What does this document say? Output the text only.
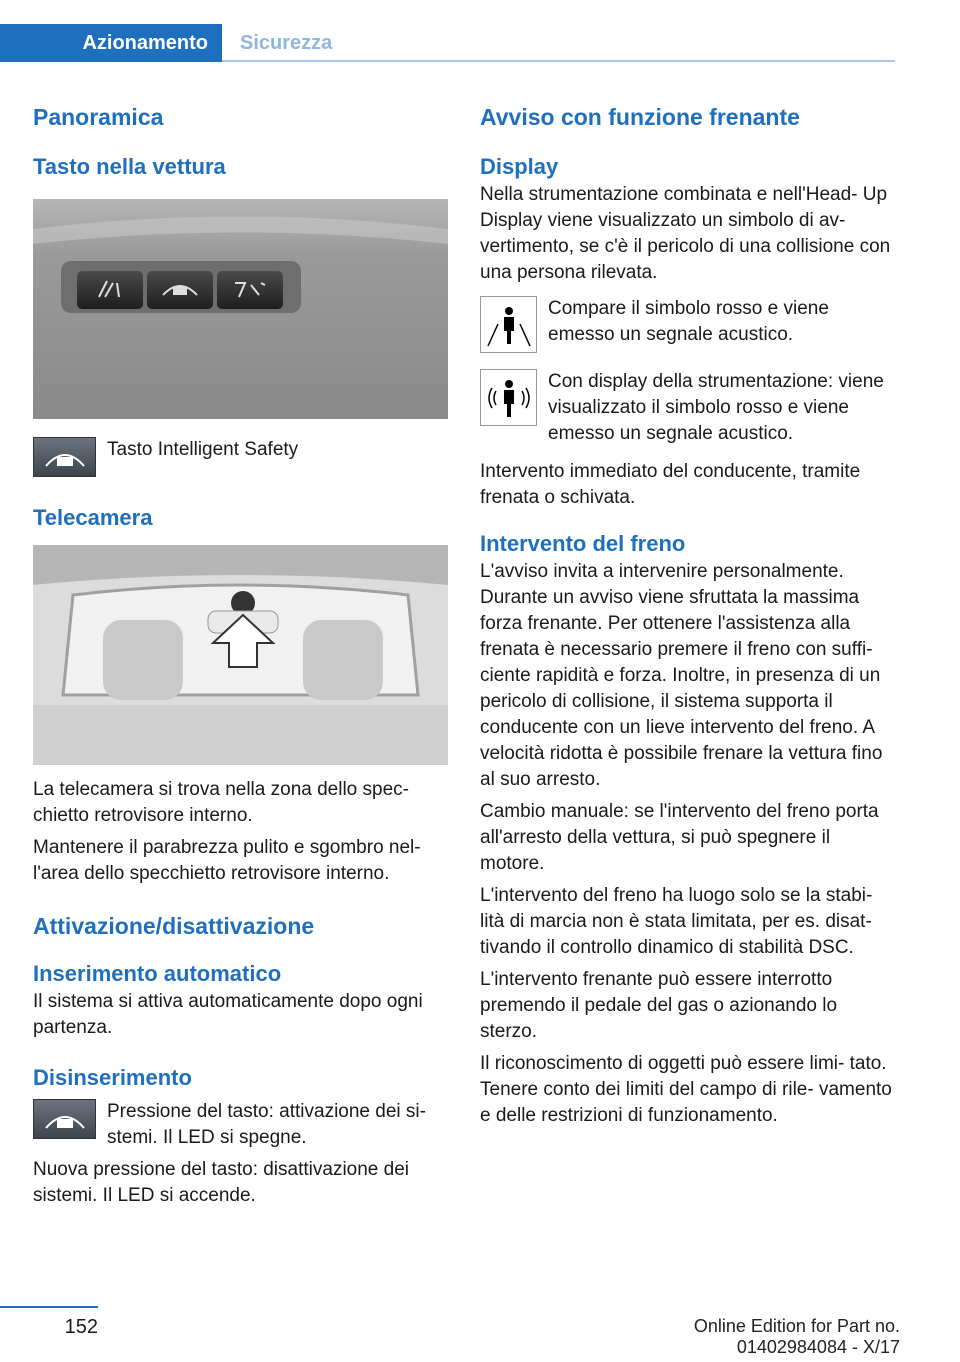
Azionamento	Sicurezza
Panoramica
Tasto nella vettura

Tasto Intelligent Safety

Telecamera

La telecamera si trova nella zona dello spec‐ chietto retrovisore interno.

Mantenere il parabrezza pulito e sgombro nel‐ l'area dello specchietto retrovisore interno.

Attivazione/disattivazione
Inserimento automatico

Il sistema si attiva automaticamente dopo ogni partenza.

Disinserimento

Pressione del tasto: attivazione dei si‐ stemi. Il LED si spegne.

Nuova pressione del tasto: disattivazione dei sistemi. Il LED si accende.

Avviso con funzione frenante
Display

Nella strumentazione combinata e nell'Head- Up Display viene visualizzato un simbolo di av‐ vertimento, se c'è il pericolo di una collisione con una persona rilevata.

Compare il simbolo rosso e viene emesso un segnale acustico.

Con display della strumentazione: viene visualizzato il simbolo rosso e viene emesso un segnale acustico.

Intervento immediato del conducente, tramite frenata o schivata.

Intervento del freno

L'avviso invita a intervenire personalmente. Durante un avviso viene sfruttata la massima forza frenante. Per ottenere l'assistenza alla frenata è necessario premere il freno con suffi‐ ciente rapidità e forza. Inoltre, in presenza di un pericolo di collisione, il sistema supporta il conducente con un lieve intervento del freno. A velocità ridotta è possibile frenare la vettura fino al suo arresto.

Cambio manuale: se l'intervento del freno porta all'arresto della vettura, si può spegnere il motore.

L'intervento del freno ha luogo solo se la stabi‐ lità di marcia non è stata limitata, per es. disat‐ tivando il controllo dinamico di stabilità DSC.

L'intervento frenante può essere interrotto premendo il pedale del gas o azionando lo sterzo.

Il riconoscimento di oggetti può essere limi‐ tato. Tenere conto dei limiti del campo di rile‐ vamento e delle restrizioni di funzionamento.

152	Online Edition for Part no. 01402984084 - X/17
